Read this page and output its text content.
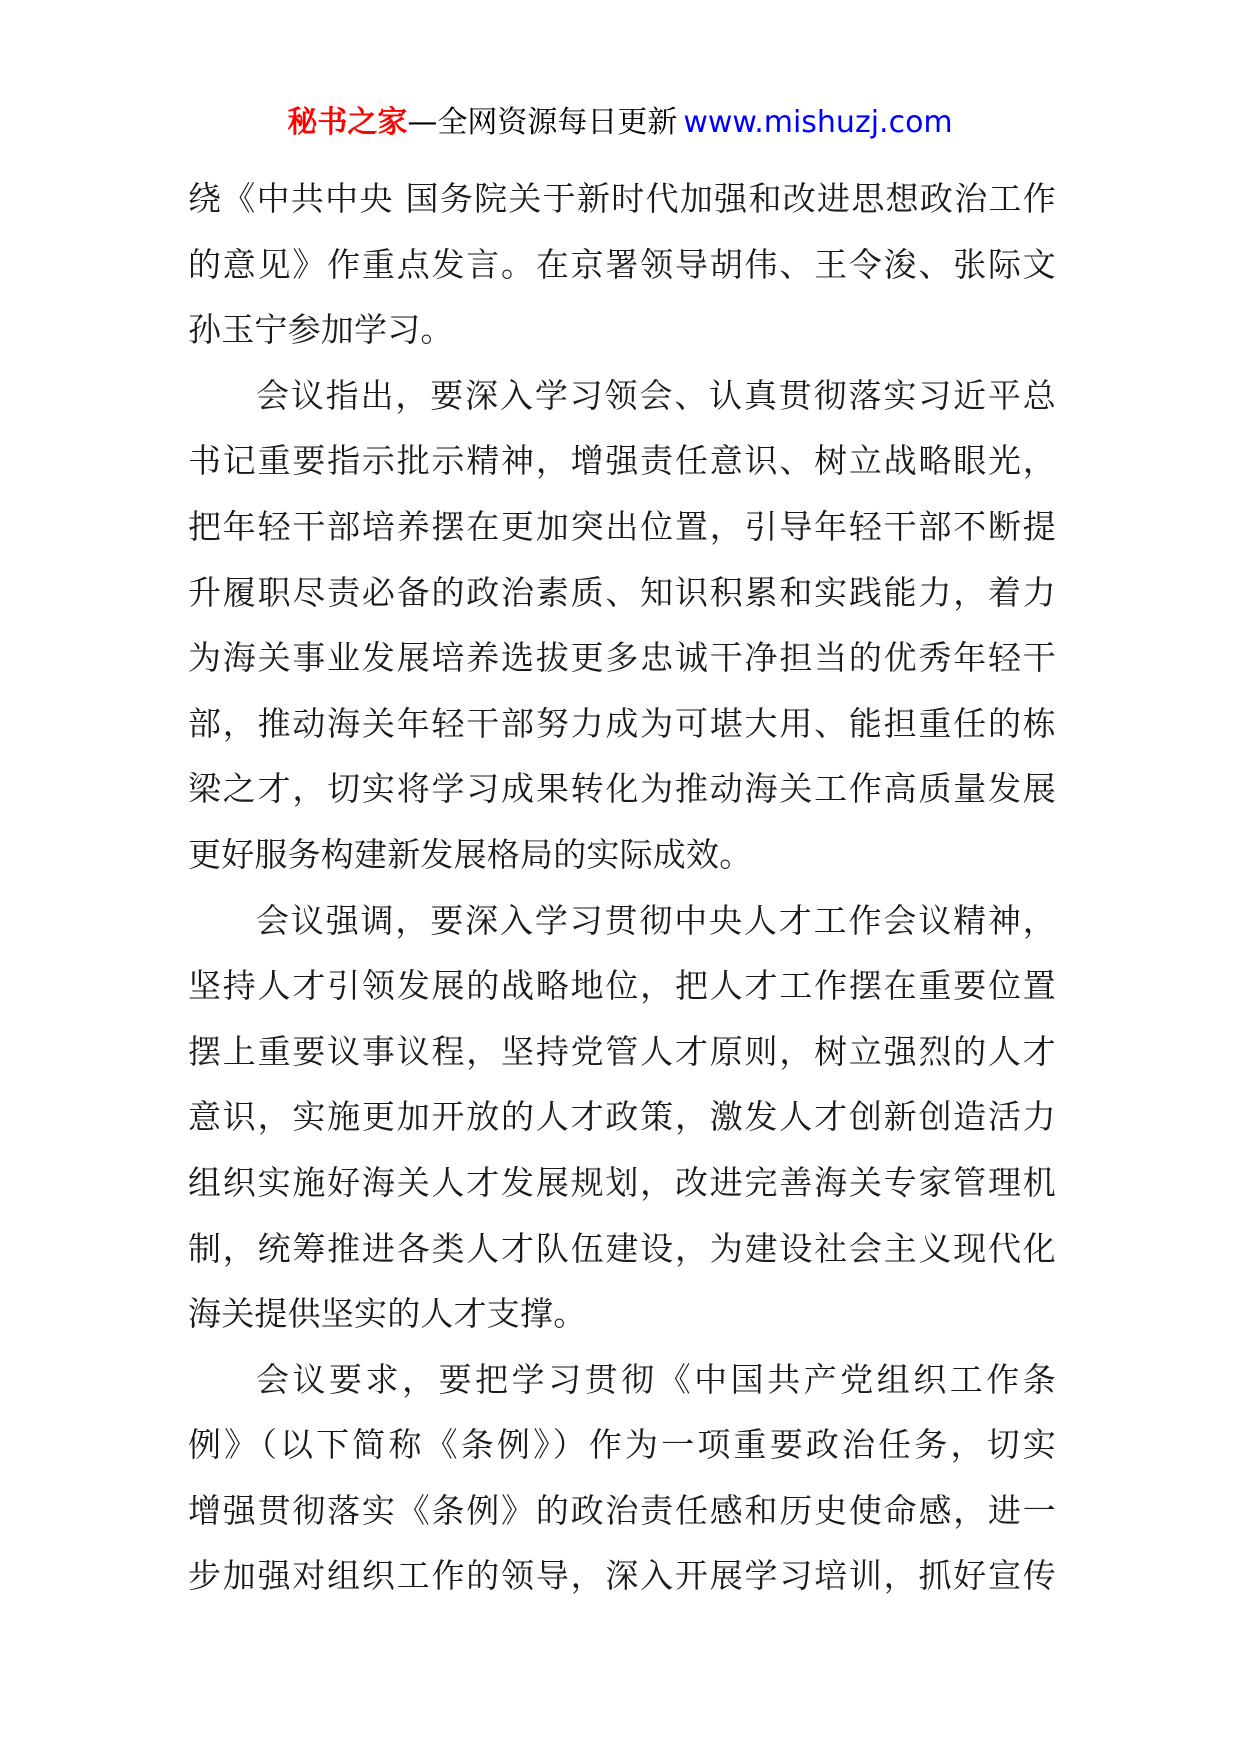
秘书之家—全网资源每日更新 www.mishuzj.com
绕《中共中央 国务院关于新时代加强和改进思想政治工作
的意见》作重点发言。在京署领导胡伟、王令浚、张际文
孙玉宁参加学习。
会议指出，要深入学习领会、认真贯彻落实习近平总
书记重要指示批示精神，增强责任意识、树立战略眼光，
把年轻干部培养摆在更加突出位置，引导年轻干部不断提
升履职尽责必备的政治素质、知识积累和实践能力，着力
为海关事业发展培养选拔更多忠诚干净担当的优秀年轻干
部，推动海关年轻干部努力成为可堪大用、能担重任的栋
梁之才，切实将学习成果转化为推动海关工作高质量发展
更好服务构建新发展格局的实际成效。
会议强调，要深入学习贯彻中央人才工作会议精神，
坚持人才引领发展的战略地位，把人才工作摆在重要位置
摆上重要议事议程，坚持党管人才原则，树立强烈的人才
意识，实施更加开放的人才政策，激发人才创新创造活力
组织实施好海关人才发展规划，改进完善海关专家管理机
制，统筹推进各类人才队伍建设，为建设社会主义现代化
海关提供坚实的人才支撑。
会议要求，要把学习贯彻《中国共产党组织工作条
例》（以下简称《条例》）作为一项重要政治任务，切实
增强贯彻落实《条例》的政治责任感和历史使命感，进一
步加强对组织工作的领导，深入开展学习培训，抓好宣传
